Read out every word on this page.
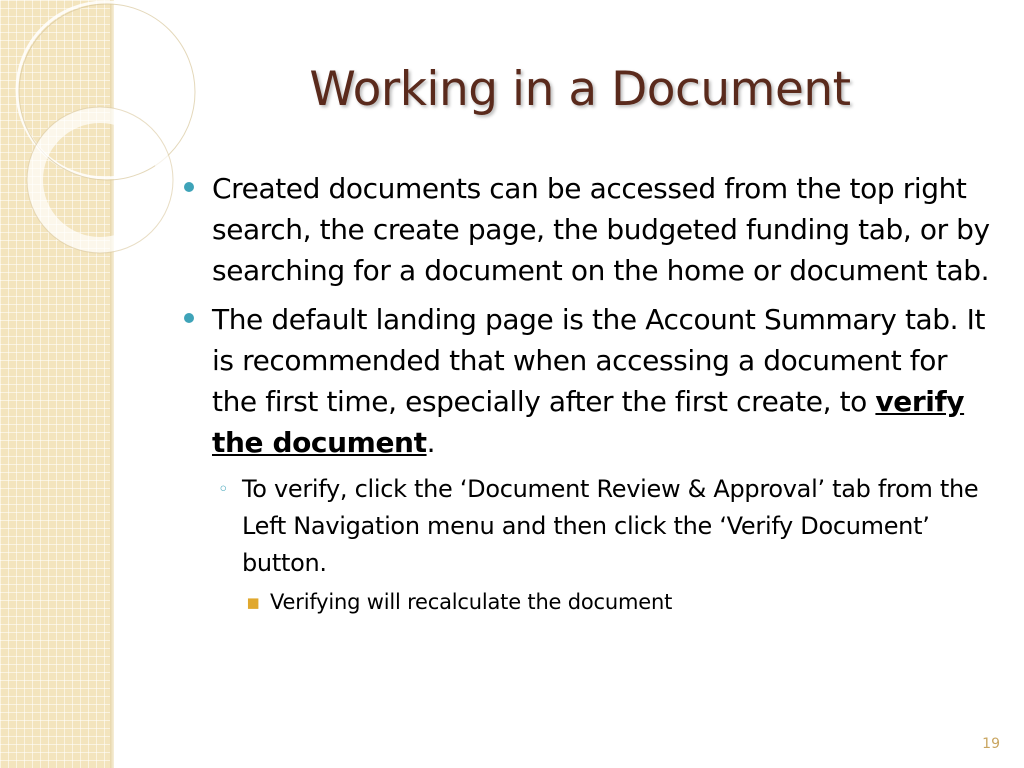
Working in a Document
Created documents can be accessed from the top right search, the create page, the budgeted funding tab, or by searching for a document on the home or document tab.
The default landing page is the Account Summary tab. It is recommended that when accessing a document for the first time, especially after the first create, to verify the document.
◦ To verify, click the ‘Document Review & Approval’ tab from the Left Navigation menu and then click the ‘Verify Document’ button.
▪ Verifying will recalculate the document
19
